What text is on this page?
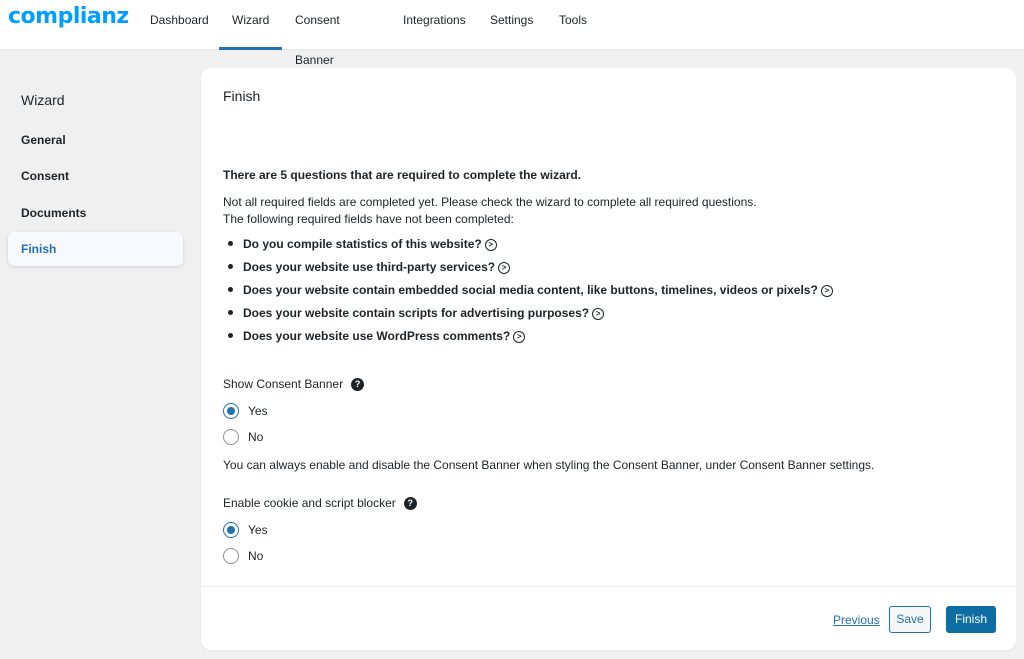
complianz Dashboard Wizard Consent Banner
Integrations Settings Tools
Wizard
General
Consent
Documents
Finish
Finish
There are 5 questions that are required to complete the wizard.
Not all required fields are completed yet. Please check the wizard to complete all required questions.
The following required fields have not been completed:
Do you compile statistics of this website? >
Does your website use third-party services? >
Does your website contain embedded social media content, like buttons, timelines, videos or pixels? >
Does your website contain scripts for advertising purposes? >
Does your website use WordPress comments? >
Show Consent Banner ?
Yes
No
You can always enable and disable the Consent Banner when styling the Consent Banner, under Consent Banner settings.
Enable cookie and script blocker ?
Yes
No
Previous	Save	Finish
